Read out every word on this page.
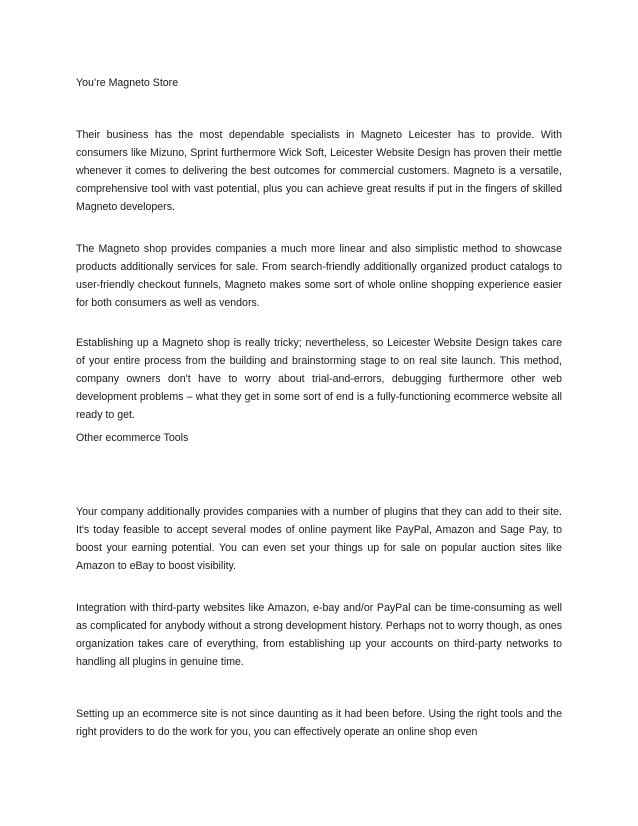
You’re Magneto Store

Their business has the most dependable specialists in Magneto Leicester has to provide. With consumers like Mizuno, Sprint furthermore Wick Soft, Leicester Website Design has proven their mettle whenever it comes to delivering the best outcomes for commercial customers. Magneto is a versatile, comprehensive tool with vast potential, plus you can achieve great results if put in the fingers of skilled Magneto developers.

The Magneto shop provides companies a much more linear and also simplistic method to showcase products additionally services for sale. From search-friendly additionally organized product catalogs to user-friendly checkout funnels, Magneto makes some sort of whole online shopping experience easier for both consumers as well as vendors.

Establishing up a Magneto shop is really tricky; nevertheless, so Leicester Website Design takes care of your entire process from the building and brainstorming stage to on real site launch. This method, company owners don't have to worry about trial-and-errors, debugging furthermore other web development problems – what they get in some sort of end is a fully-functioning ecommerce website all ready to get.

Other ecommerce Tools

Your company additionally provides companies with a number of plugins that they can add to their site. It's today feasible to accept several modes of online payment like PayPal, Amazon and Sage Pay, to boost your earning potential. You can even set your things up for sale on popular auction sites like Amazon to eBay to boost visibility.

Integration with third-party websites like Amazon, e-bay and/or PayPal can be time-consuming as well as complicated for anybody without a strong development history. Perhaps not to worry though, as ones organization takes care of everything, from establishing up your accounts on third-party networks to handling all plugins in genuine time.

Setting up an ecommerce site is not since daunting as it had been before. Using the right tools and the right providers to do the work for you, you can effectively operate an online shop even
